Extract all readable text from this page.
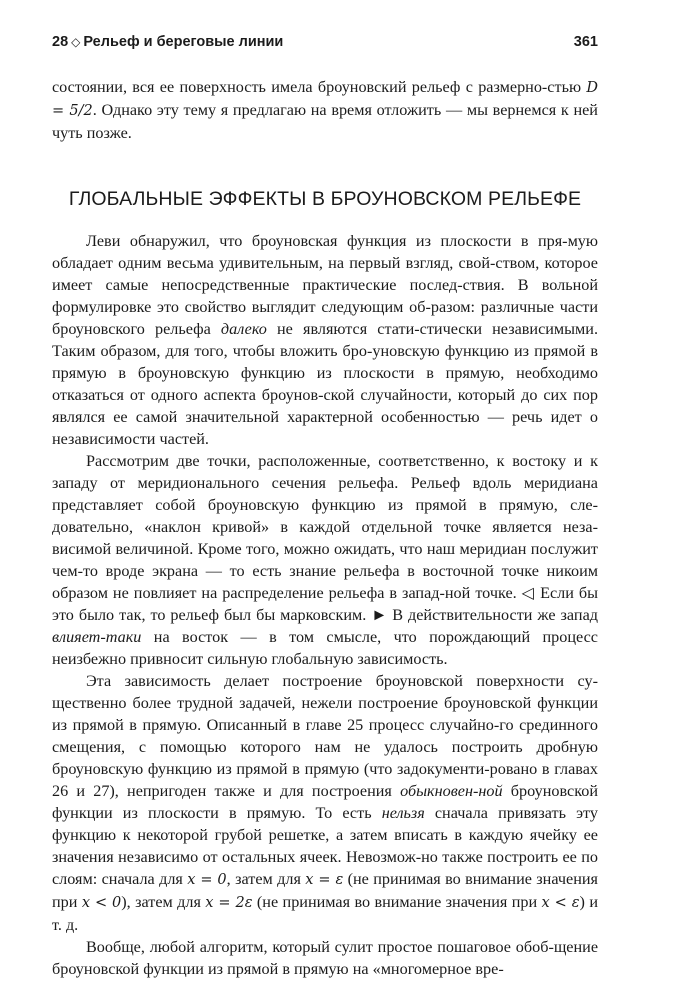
28 ◇ Рельеф и береговые линии	361

состоянии, вся ее поверхность имела броуновский рельеф с размерно-стью D = 5/2. Однако эту тему я предлагаю на время отложить — мы вернемся к ней чуть позже.

ГЛОБАЛЬНЫЕ ЭФФЕКТЫ В БРОУНОВСКОМ РЕЛЬЕФЕ

Леви обнаружил, что броуновская функция из плоскости в пря-мую обладает одним весьма удивительным, на первый взгляд, свой-ством, которое имеет самые непосредственные практические послед-ствия. В вольной формулировке это свойство выглядит следующим об-разом: различные части броуновского рельефа далеко не являются стати-стически независимыми. Таким образом, для того, чтобы вложить бро-уновскую функцию из прямой в прямую в броуновскую функцию из плоскости в прямую, необходимо отказаться от одного аспекта броунов-ской случайности, который до сих пор являлся ее самой значительной характерной особенностью — речь идет о независимости частей.

Рассмотрим две точки, расположенные, соответственно, к востоку и к западу от меридионального сечения рельефа. Рельеф вдоль меридиана представляет собой броуновскую функцию из прямой в прямую, сле-довательно, «наклон кривой» в каждой отдельной точке является неза-висимой величиной. Кроме того, можно ожидать, что наш меридиан послужит чем-то вроде экрана — то есть знание рельефа в восточной точке никоим образом не повлияет на распределение рельефа в запад-ной точке. ◁ Если бы это было так, то рельеф был бы марковским. ► В действительности же запад влияет-таки на восток — в том смысле, что порождающий процесс неизбежно привносит сильную глобальную зависимость.

Эта зависимость делает построение броуновской поверхности су-щественно более трудной задачей, нежели построение броуновской функции из прямой в прямую. Описанный в главе 25 процесс случайно-го срединного смещения, с помощью которого нам не удалось построить дробную броуновскую функцию из прямой в прямую (что задокументи-ровано в главах 26 и 27), непригоден также и для построения обыкновен-ной броуновской функции из плоскости в прямую. То есть нельзя сначала привязать эту функцию к некоторой грубой решетке, а затем вписать в каждую ячейку ее значения независимо от остальных ячеек. Невозмож-но также построить ее по слоям: сначала для x = 0, затем для x = ε (не принимая во внимание значения при x < 0), затем для x = 2ε (не принимая во внимание значения при x < ε) и т. д.

Вообще, любой алгоритм, который сулит простое пошаговое обоб-щение броуновской функции из прямой в прямую на «многомерное вре-
